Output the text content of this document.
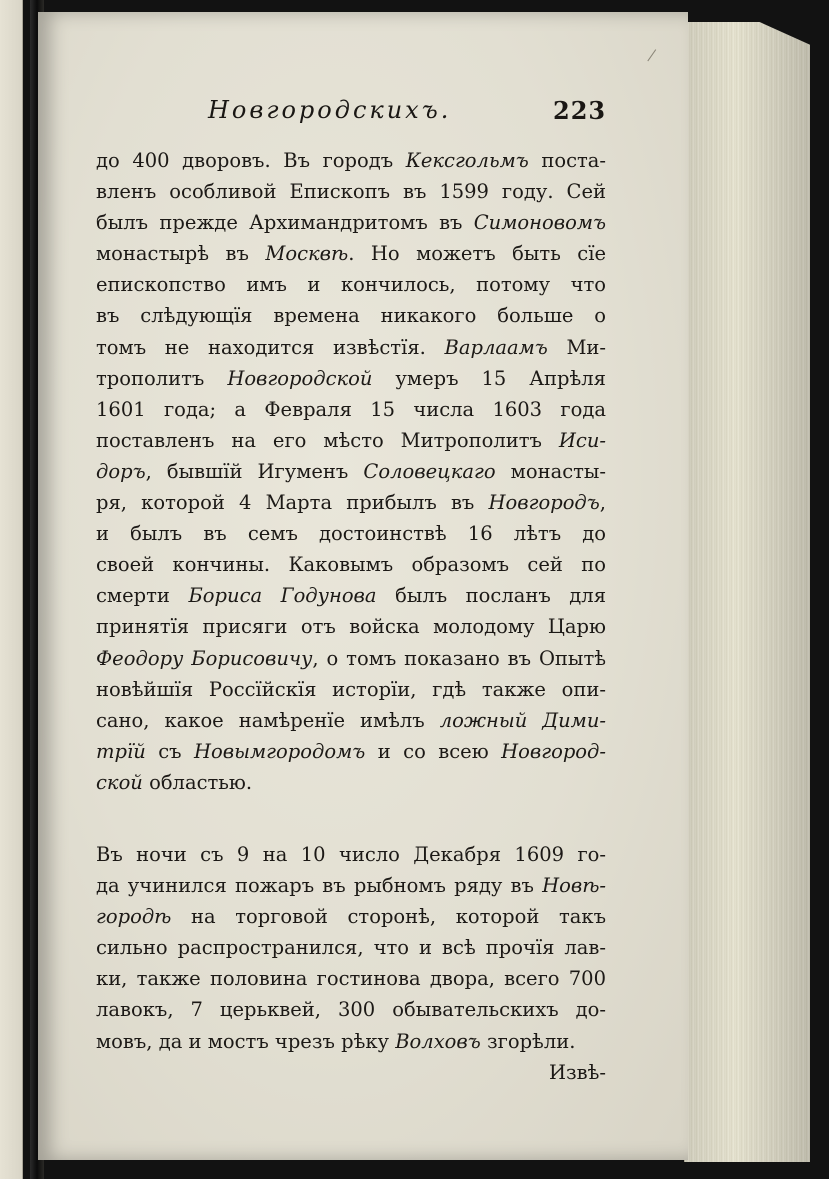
Новгородскихъ.	223
до 400 дворовъ. Въ городъ Кексгольмъ поста-
вленъ особливой Епископъ въ 1599 году. Сей
былъ прежде Архимандритомъ въ Симоновомъ
монастырѣ въ Москвѣ. Но можетъ быть сїе
епископство имъ и кончилось, потому что
въ слѣдующїя времена никакого больше о
томъ не находится извѣстїя. Варлаамъ Ми-
трополитъ Новгородской умеръ 15 Апрѣля
1601 года; а Февраля 15 числа 1603 года
поставленъ на его мѣсто Митрополитъ Иси-
доръ, бывшїй Игуменъ Соловецкаго монасты-
ря, которой 4 Марта прибылъ въ Новгородъ,
и былъ въ семъ достоинствѣ 16 лѣтъ до
своей кончины. Каковымъ образомъ сей по
смерти Бориса Годунова былъ посланъ для
принятїя присяги отъ войска молодому Царю
Феодору Борисовичу, о томъ показано въ Опытѣ
новѣйшїя Россїйскїя исторїи, гдѣ также опи-
сано, какое намѣренїе имѣлъ ложный Дими-
трїй съ Новымгородомъ и со всею Новгород-
ской областью.
Въ ночи съ 9 на 10 число Декабря 1609 го-
да учинился пожаръ въ рыбномъ ряду въ Новѣ-
городѣ на торговой сторонѣ, которой такъ
сильно распространился, что и всѣ прочїя лав-
ки, также половина гостинова двора, всего 700
лавокъ, 7 церьквей, 300 обывательскихъ до-
мовъ, да и мостъ чрезъ рѣку Волховъ згорѣли.
Извѣ-
